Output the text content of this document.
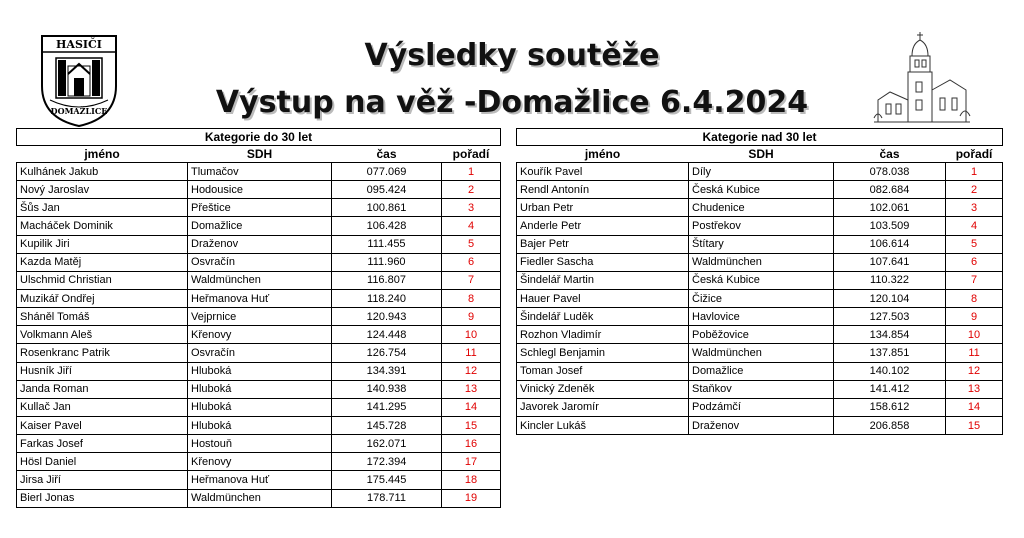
HASIČI
DOMAŽLICE
Výsledky soutěže
Výstup na věž -Domažlice 6.4.2024
Kategorie do 30 let			
jméno	SDH	čas	pořadí
Kulhánek Jakub	Tlumačov	077.069	1
Nový Jaroslav	Hodousice	095.424	2
Šůs Jan	Přeštice	100.861	3
Macháček Dominik	Domažlice	106.428	4
Kupilik Jiri	Draženov	111.455	5
Kazda Matěj	Osvračín	111.960	6
Ulschmid Christian	Waldmünchen	116.807	7
Muzikář Ondřej	Heřmanova Huť	118.240	8
Sháněl Tomáš	Vejprnice	120.943	9
Volkmann Aleš	Křenovy	124.448	10
Rosenkranc Patrik	Osvračín	126.754	11
Husník Jiří	Hluboká	134.391	12
Janda Roman	Hluboká	140.938	13
Kullač Jan	Hluboká	141.295	14
Kaiser Pavel	Hluboká	145.728	15
Farkas Josef	Hostouň	162.071	16
Hösl Daniel	Křenovy	172.394	17
Jirsa Jiří	Heřmanova Huť	175.445	18
Bierl Jonas	Waldmünchen	178.711	19
Kategorie nad 30 let			
jméno	SDH	čas	pořadí
Kouřík Pavel	Díly	078.038	1
Rendl Antonín	Česká Kubice	082.684	2
Urban Petr	Chudenice	102.061	3
Anderle Petr	Postřekov	103.509	4
Bajer Petr	Štítary	106.614	5
Fiedler Sascha	Waldmünchen	107.641	6
Šindelář Martin	Česká Kubice	110.322	7
Hauer Pavel	Čižice	120.104	8
Šindelář Luděk	Havlovice	127.503	9
Rozhon Vladimír	Poběžovice	134.854	10
Schlegl Benjamin	Waldmünchen	137.851	11
Toman Josef	Domažlice	140.102	12
Vinický Zdeněk	Staňkov	141.412	13
Javorek Jaromír	Podzámčí	158.612	14
Kincler Lukáš	Draženov	206.858	15
